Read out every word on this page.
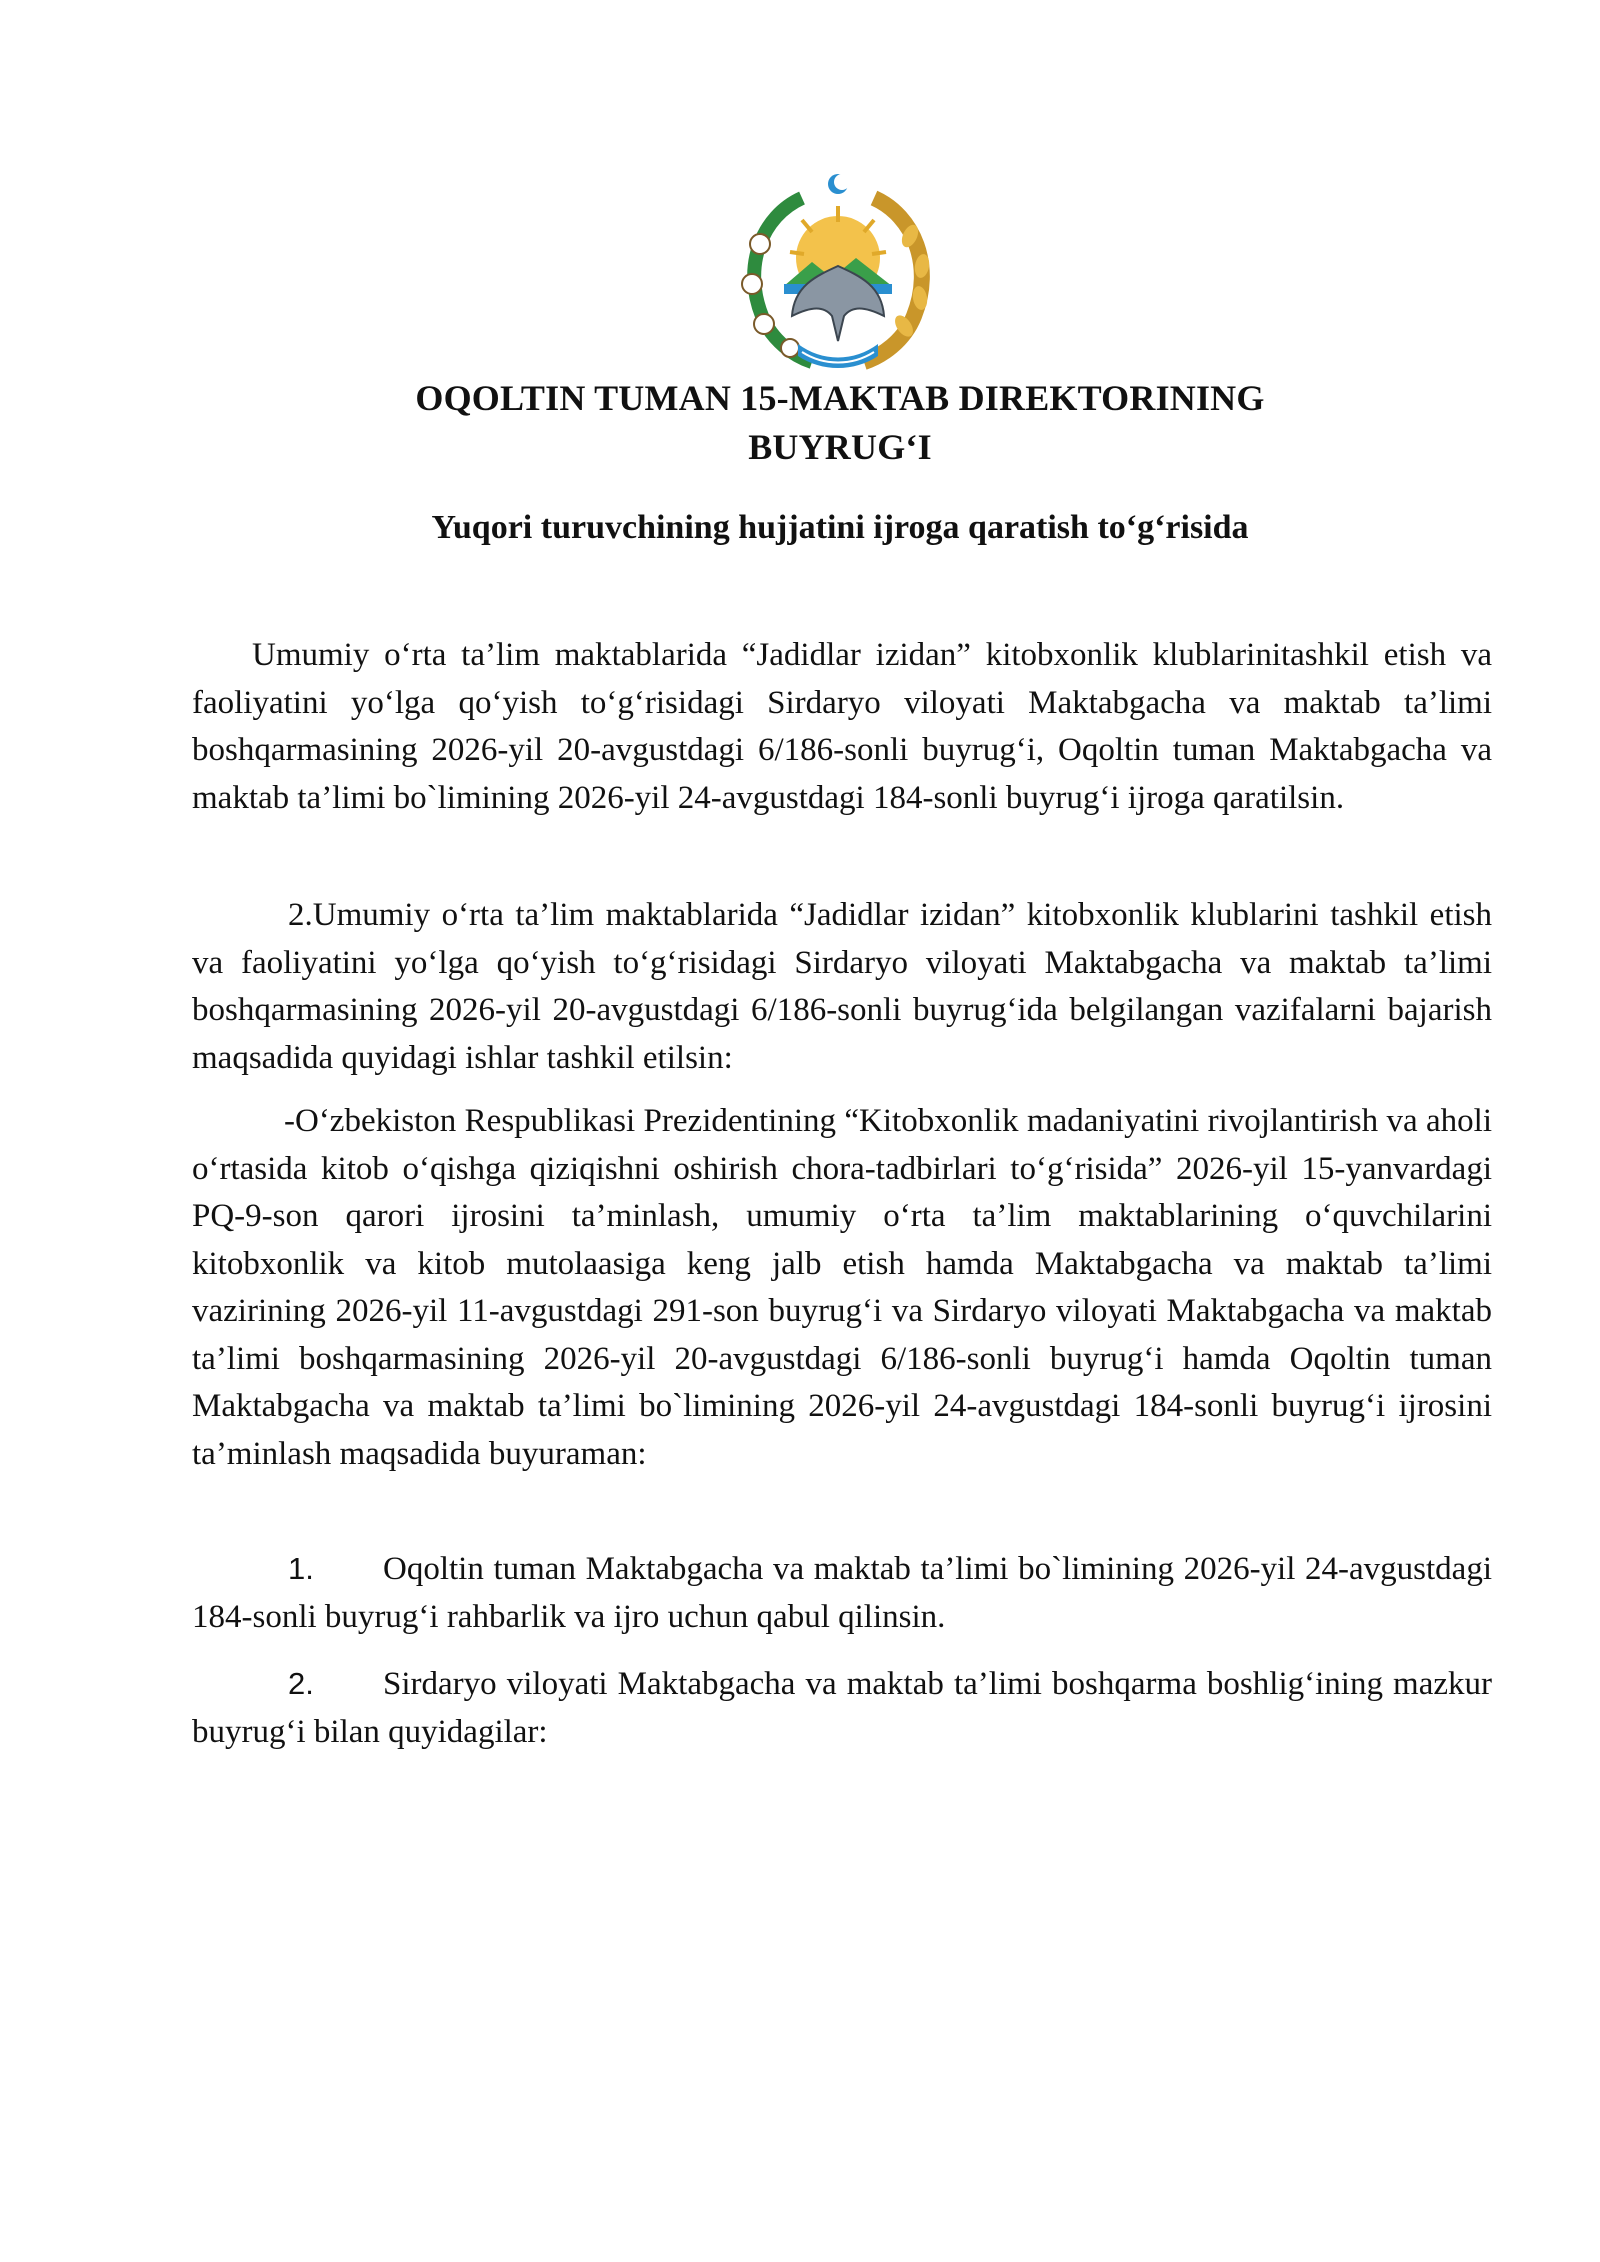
OQOLTIN TUMAN 15-MAKTAB DIREKTORINING
BUYRUG‘I
Yuqori turuvchining hujjatini ijroga qaratish to‘g‘risida

Umumiy o‘rta ta’lim maktablarida “Jadidlar izidan” kitobxonlik klublarinitashkil etish va faoliyatini yo‘lga qo‘yish to‘g‘risidagi Sirdaryo viloyati Maktabgacha va maktab ta’limi boshqarmasining 2026-yil 20-avgustdagi 6/186-sonli buyrug‘i, Oqoltin tuman Maktabgacha va maktab ta’limi bo`limining 2026-yil 24-avgustdagi 184-sonli buyrug‘i ijroga qaratilsin.

2.Umumiy o‘rta ta’lim maktablarida “Jadidlar izidan” kitobxonlik klublarini tashkil etish va faoliyatini yo‘lga qo‘yish to‘g‘risidagi Sirdaryo viloyati Maktabgacha va maktab ta’limi boshqarmasining 2026-yil 20-avgustdagi 6/186-sonli buyrug‘ida belgilangan vazifalarni bajarish maqsadida quyidagi ishlar tashkil etilsin:

-O‘zbekiston Respublikasi Prezidentining “Kitobxonlik madaniyatini rivojlantirish va aholi o‘rtasida kitob o‘qishga qiziqishni oshirish chora-tadbirlari to‘g‘risida” 2026-yil 15-yanvardagi PQ-9-son qarori ijrosini ta’minlash, umumiy o‘rta ta’lim maktablarining o‘quvchilarini kitobxonlik va kitob mutolaasiga keng jalb etish hamda Maktabgacha va maktab ta’limi vazirining 2026-yil 11-avgustdagi 291-son buyrug‘i va Sirdaryo viloyati Maktabgacha va maktab ta’limi boshqarmasining 2026-yil 20-avgustdagi 6/186-sonli buyrug‘i hamda Oqoltin tuman Maktabgacha va maktab ta’limi bo`limining 2026-yil 24-avgustdagi 184-sonli buyrug‘i ijrosini ta’minlash maqsadida buyuraman:

1. Oqoltin tuman Maktabgacha va maktab ta’limi bo`limining 2026-yil 24-avgustdagi 184-sonli buyrug‘i rahbarlik va ijro uchun qabul qilinsin.

2. Sirdaryo viloyati Maktabgacha va maktab ta’limi boshqarma boshlig‘ining mazkur buyrug‘i bilan quyidagilar:
